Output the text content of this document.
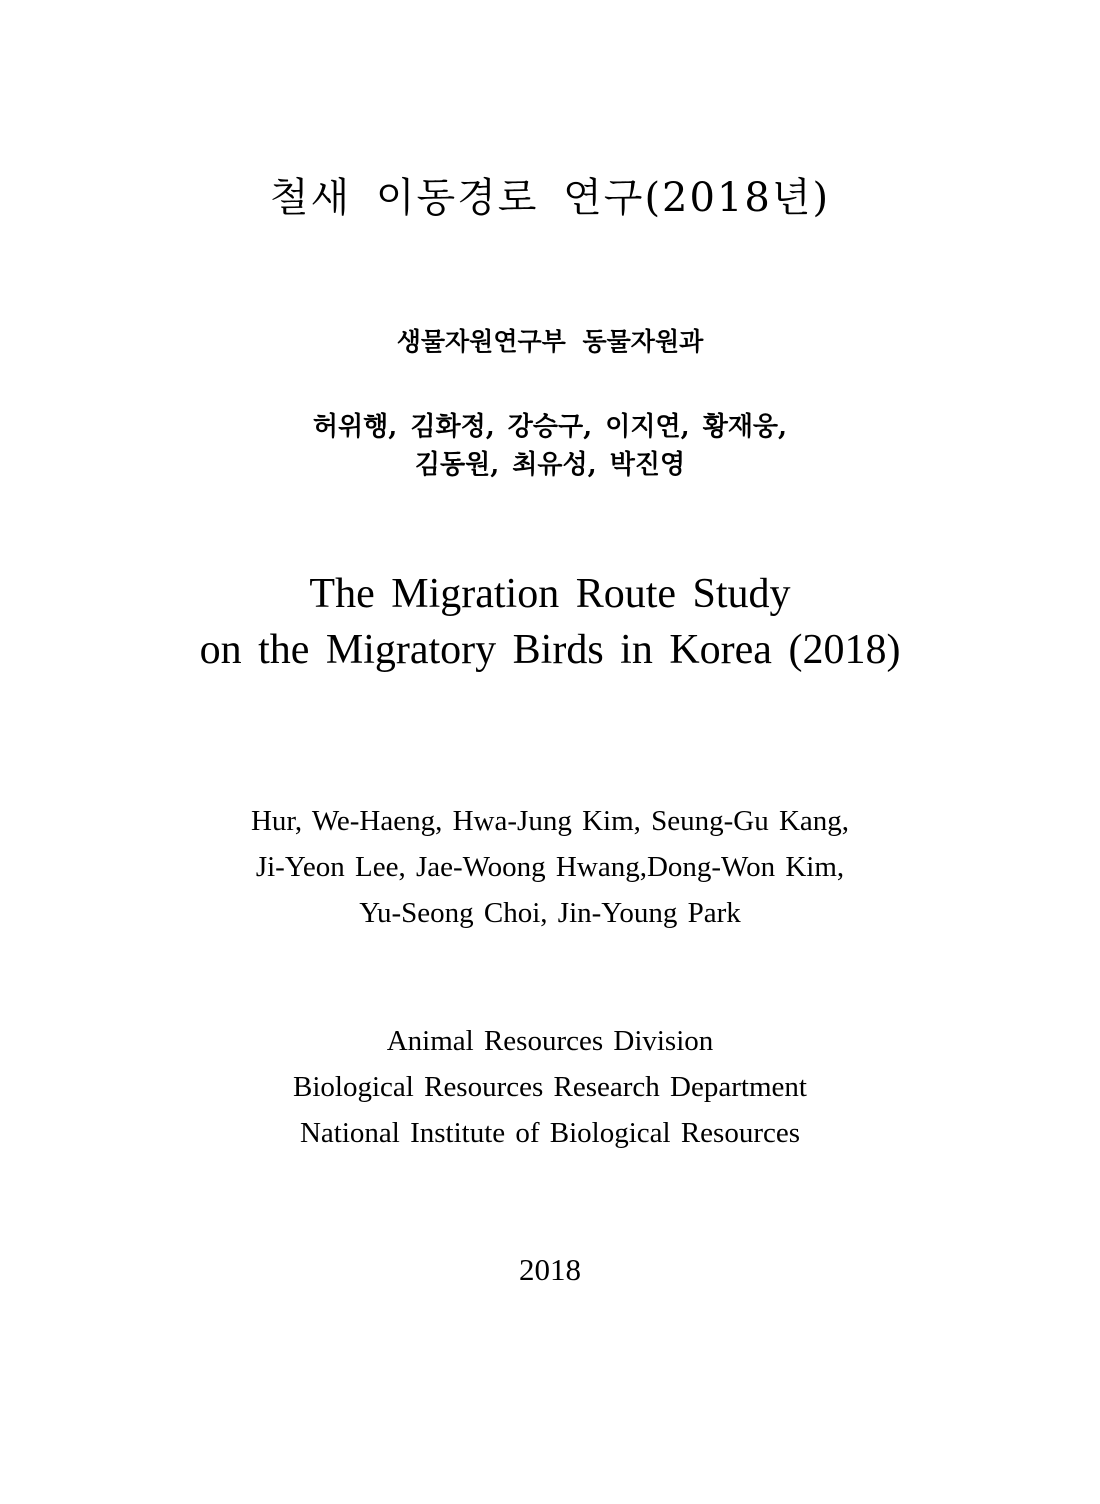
철새 이동경로 연구(2018년)
생물자원연구부 동물자원과
허위행, 김화정, 강승구, 이지연, 황재웅,
김동원, 최유성, 박진영
The Migration Route Study
on the Migratory Birds in Korea (2018)
Hur, We-Haeng, Hwa-Jung Kim, Seung-Gu Kang,
Ji-Yeon Lee, Jae-Woong Hwang,Dong-Won Kim,
Yu-Seong Choi, Jin-Young Park
Animal Resources Division
Biological Resources Research Department
National Institute of Biological Resources
2018
